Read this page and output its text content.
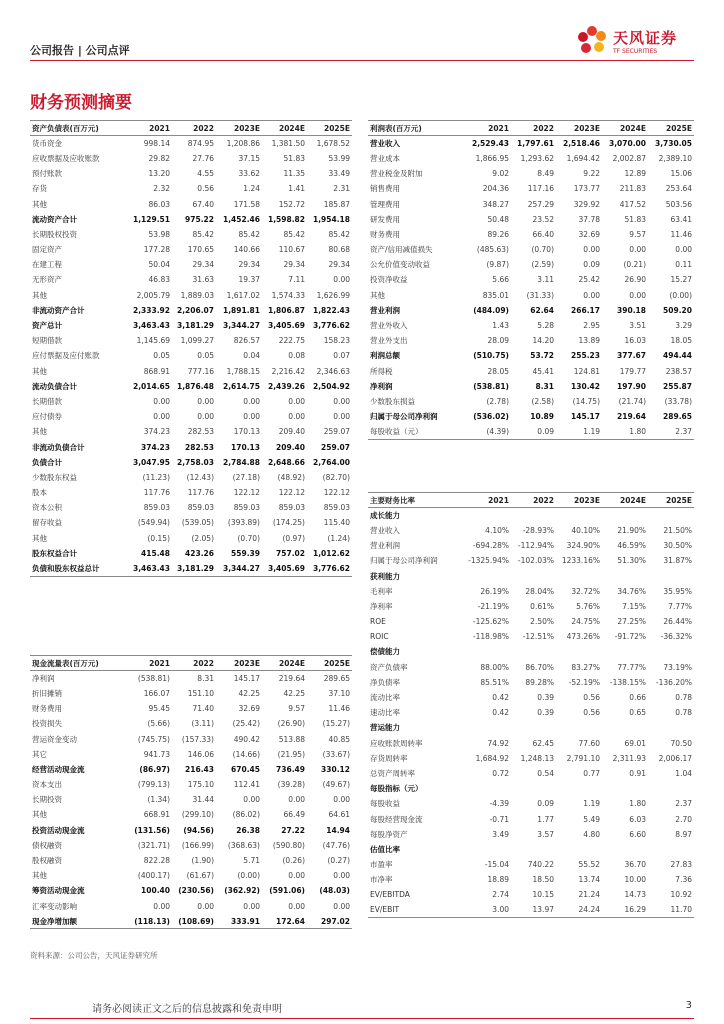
公司报告 | 公司点评
天风证券
TF SECURITIES
财务预测摘要
资产负债表(百万元)	2021	2022	2023E	2024E	2025E
货币资金	998.14	874.95	1,208.86	1,381.50	1,678.52
应收票据及应收账款	29.82	27.76	37.15	51.83	53.99
预付账款	13.20	4.55	33.62	11.35	33.49
存货	2.32	0.56	1.24	1.41	2.31
其他	86.03	67.40	171.58	152.72	185.87
流动资产合计	1,129.51	975.22	1,452.46	1,598.82	1,954.18
长期股权投资	53.98	85.42	85.42	85.42	85.42
固定资产	177.28	170.65	140.66	110.67	80.68
在建工程	50.04	29.34	29.34	29.34	29.34
无形资产	46.83	31.63	19.37	7.11	0.00
其他	2,005.79	1,889.03	1,617.02	1,574.33	1,626.99
非流动资产合计	2,333.92	2,206.07	1,891.81	1,806.87	1,822.43
资产总计	3,463.43	3,181.29	3,344.27	3,405.69	3,776.62
短期借款	1,145.69	1,099.27	826.57	222.75	158.23
应付票据及应付账款	0.05	0.05	0.04	0.08	0.07
其他	868.91	777.16	1,788.15	2,216.42	2,346.63
流动负债合计	2,014.65	1,876.48	2,614.75	2,439.26	2,504.92
长期借款	0.00	0.00	0.00	0.00	0.00
应付债券	0.00	0.00	0.00	0.00	0.00
其他	374.23	282.53	170.13	209.40	259.07
非流动负债合计	374.23	282.53	170.13	209.40	259.07
负债合计	3,047.95	2,758.03	2,784.88	2,648.66	2,764.00
少数股东权益	(11.23)	(12.43)	(27.18)	(48.92)	(82.70)
股本	117.76	117.76	122.12	122.12	122.12
资本公积	859.03	859.03	859.03	859.03	859.03
留存收益	(549.94)	(539.05)	(393.89)	(174.25)	115.40
其他	(0.15)	(2.05)	(0.70)	(0.97)	(1.24)
股东权益合计	415.48	423.26	559.39	757.02	1,012.62
负债和股东权益总计	3,463.43	3,181.29	3,344.27	3,405.69	3,776.62
利润表(百万元)	2021	2022	2023E	2024E	2025E
营业收入	2,529.43	1,797.61	2,518.46	3,070.00	3,730.05
营业成本	1,866.95	1,293.62	1,694.42	2,002.87	2,389.10
营业税金及附加	9.02	8.49	9.22	12.89	15.06
销售费用	204.36	117.16	173.77	211.83	253.64
管理费用	348.27	257.29	329.92	417.52	503.56
研发费用	50.48	23.52	37.78	51.83	63.41
财务费用	89.26	66.40	32.69	9.57	11.46
资产/信用减值损失	(485.63)	(0.70)	0.00	0.00	0.00
公允价值变动收益	(9.87)	(2.59)	0.09	(0.21)	0.11
投资净收益	5.66	3.11	25.42	26.90	15.27
其他	835.01	(31.33)	0.00	0.00	(0.00)
营业利润	(484.09)	62.64	266.17	390.18	509.20
营业外收入	1.43	5.28	2.95	3.51	3.29
营业外支出	28.09	14.20	13.89	16.03	18.05
利润总额	(510.75)	53.72	255.23	377.67	494.44
所得税	28.05	45.41	124.81	179.77	238.57
净利润	(538.81)	8.31	130.42	197.90	255.87
少数股东损益	(2.78)	(2.58)	(14.75)	(21.74)	(33.78)
归属于母公司净利润	(536.02)	10.89	145.17	219.64	289.65
每股收益（元）	(4.39)	0.09	1.19	1.80	2.37
主要财务比率	2021	2022	2023E	2024E	2025E
成长能力					
营业收入	4.10%	-28.93%	40.10%	21.90%	21.50%
营业利润	-694.28%	-112.94%	324.90%	46.59%	30.50%
归属于母公司净利润	-1325.94%	-102.03%	1233.16%	51.30%	31.87%
获利能力					
毛利率	26.19%	28.04%	32.72%	34.76%	35.95%
净利率	-21.19%	0.61%	5.76%	7.15%	7.77%
ROE	-125.62%	2.50%	24.75%	27.25%	26.44%
ROIC	-118.98%	-12.51%	473.26%	-91.72%	-36.32%
偿债能力					
资产负债率	88.00%	86.70%	83.27%	77.77%	73.19%
净负债率	85.51%	89.28%	-52.19%	-138.15%	-136.20%
流动比率	0.42	0.39	0.56	0.66	0.78
速动比率	0.42	0.39	0.56	0.65	0.78
营运能力					
应收账款周转率	74.92	62.45	77.60	69.01	70.50
存货周转率	1,684.92	1,248.13	2,791.10	2,311.93	2,006.17
总资产周转率	0.72	0.54	0.77	0.91	1.04
每股指标（元）					
每股收益	-4.39	0.09	1.19	1.80	2.37
每股经营现金流	-0.71	1.77	5.49	6.03	2.70
每股净资产	3.49	3.57	4.80	6.60	8.97
估值比率					
市盈率	-15.04	740.22	55.52	36.70	27.83
市净率	18.89	18.50	13.74	10.00	7.36
EV/EBITDA	2.74	10.15	21.24	14.73	10.92
EV/EBIT	3.00	13.97	24.24	16.29	11.70
现金流量表(百万元)	2021	2022	2023E	2024E	2025E
净利润	(538.81)	8.31	145.17	219.64	289.65
折旧摊销	166.07	151.10	42.25	42.25	37.10
财务费用	95.45	71.40	32.69	9.57	11.46
投资损失	(5.66)	(3.11)	(25.42)	(26.90)	(15.27)
营运资金变动	(745.75)	(157.33)	490.42	513.88	40.85
其它	941.73	146.06	(14.66)	(21.95)	(33.67)
经营活动现金流	(86.97)	216.43	670.45	736.49	330.12
资本支出	(799.13)	175.10	112.41	(39.28)	(49.67)
长期投资	(1.34)	31.44	0.00	0.00	0.00
其他	668.91	(299.10)	(86.02)	66.49	64.61
投资活动现金流	(131.56)	(94.56)	26.38	27.22	14.94
债权融资	(321.71)	(166.99)	(368.63)	(590.80)	(47.76)
股权融资	822.28	(1.90)	5.71	(0.26)	(0.27)
其他	(400.17)	(61.67)	(0.00)	0.00	0.00
筹资活动现金流	100.40	(230.56)	(362.92)	(591.06)	(48.03)
汇率变动影响	0.00	0.00	0.00	0.00	0.00
现金净增加额	(118.13)	(108.69)	333.91	172.64	297.02
资料来源：公司公告，天风证券研究所
请务必阅读正文之后的信息披露和免责申明	3
